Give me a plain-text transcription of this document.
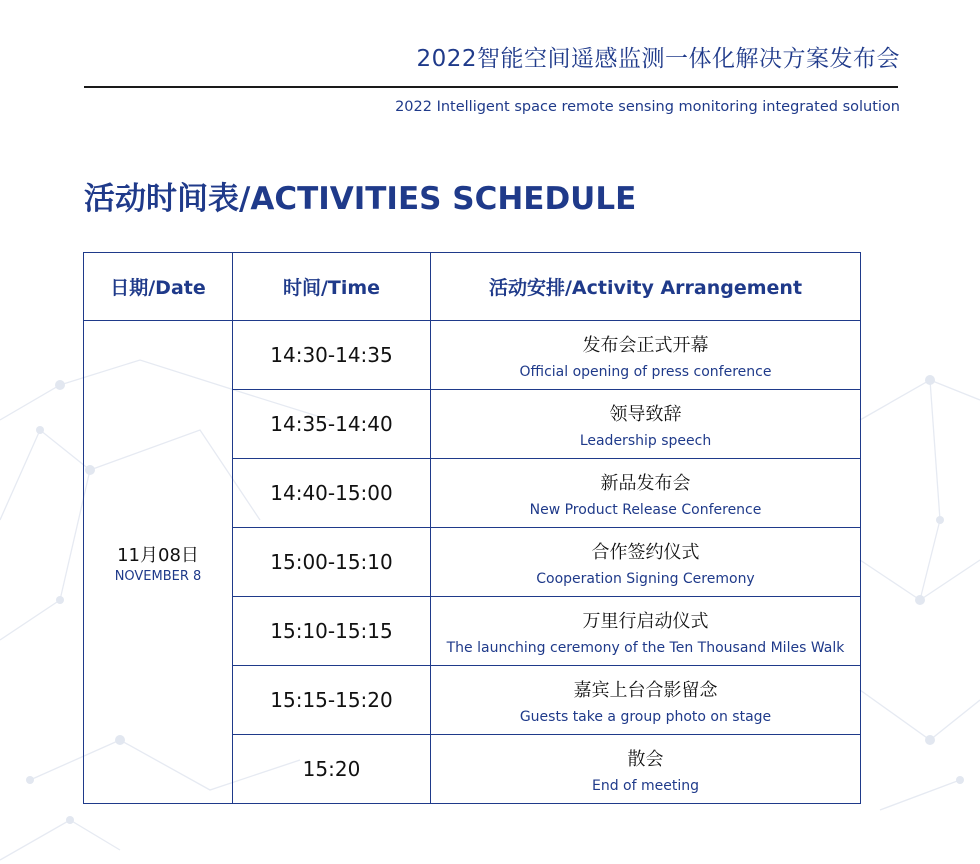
2022智能空间遥感监测一体化解决方案发布会
2022 Intelligent space remote sensing monitoring integrated solution
活动时间表/ACTIVITIES SCHEDULE
日期/Date	时间/Time	活动安排/Activity Arrangement

11月08日
NOVEMBER 8	14:30-14:35	发布会正式开幕
Official opening of press conference

	14:35-14:40	领导致辞
Leadership speech

	14:40-15:00	新品发布会
New Product Release Conference

	15:00-15:10	合作签约仪式
Cooperation Signing Ceremony

	15:10-15:15	万里行启动仪式
The launching ceremony of the Ten Thousand Miles Walk

	15:15-15:20	嘉宾上台合影留念
Guests take a group photo on stage

	15:20	散会
End of meeting
